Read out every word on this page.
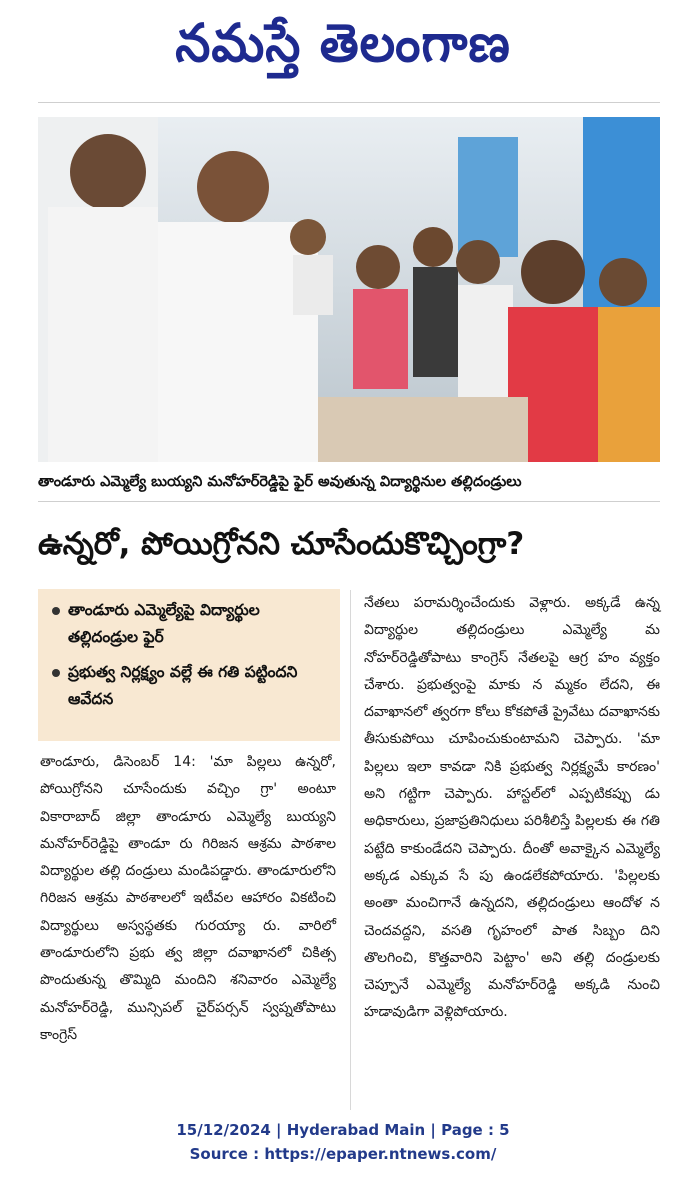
నమస్తే తెలంగాణ
తాండూరు ఎమ్మెల్యే బుయ్యని మనోహర్‌రెడ్డిపై ఫైర్ అవుతున్న విద్యార్థినుల తల్లిదండ్రులు
ఉన్నరో, పోయిగ్రోనని చూసేందుకొచ్చింగ్రా?
తాండూరు ఎమ్మెల్యేపై విద్యార్థుల తల్లిదండ్రుల ఫైర్
ప్రభుత్వ నిర్లక్ష్యం వల్లే ఈ గతి పట్టిందని ఆవేదన

తాండూరు, డిసెంబర్ 14: 'మా పిల్లలు ఉన్నరో, పోయిగ్రోనని చూసేందుకు వచ్చిం గ్రా' అంటూ వికారాబాద్ జిల్లా తాండూరు ఎమ్మెల్యే బుయ్యని మనోహర్‌రెడ్డిపై తాండూ రు గిరిజన ఆశ్రమ పాఠశాల విద్యార్థుల తల్లి దండ్రులు మండిపడ్డారు. తాండూరులోని గిరిజన ఆశ్రమ పాఠశాలలో ఇటీవల ఆహారం వికటించి విద్యార్థులు అస్వస్థతకు గురయ్యా రు. వారిలో తాండూరులోని ప్రభు త్వ జిల్లా దవాఖానలో చికిత్స పొందుతున్న తొమ్మిది మందిని శనివారం ఎమ్మెల్యే మనోహర్‌రెడ్డి, మున్సిపల్ చైర్‌పర్సన్ స్వప్నతోపాటు కాంగ్రెస్

నేతలు పరామర్శించేందుకు వెళ్లారు. అక్కడే ఉన్న విద్యార్థుల తల్లిదండ్రులు ఎమ్మెల్యే మ నోహర్‌రెడ్డితోపాటు కాంగ్రెస్ నేతలపై ఆగ్ర హం వ్యక్తం చేశారు. ప్రభుత్వంపై మాకు న మ్మకం లేదని, ఈ దవాఖానలో త్వరగా కోలు కోకపోతే ప్రైవేటు దవాఖానకు తీసుకుపోయి చూపించుకుంటామని చెప్పారు. 'మా పిల్లలు ఇలా కావడా నికి ప్రభుత్వ నిర్లక్ష్యమే కారణం' అని గట్టిగా చెప్పారు. హాస్టల్‌లో ఎప్పటికప్పు డు అధికారులు, ప్రజాప్రతినిధులు పరిశీలిస్తే పిల్లలకు ఈ గతి పట్టేది కాకుండేదని చెప్పారు. దీంతో అవాక్కైన ఎమ్మెల్యే అక్కడ ఎక్కువ సే పు ఉండలేకపోయారు. 'పిల్లలకు అంతా మంచిగానే ఉన్నదని, తల్లిదండ్రులు ఆందోళ న చెందవద్దని, వసతి గృహంలో పాత సిబ్బం దిని తొలగించి, కొత్తవారిని పెట్టాం' అని తల్లి దండ్రులకు చెప్పూనే ఎమ్మెల్యే మనోహర్‌రెడ్డి అక్కడి నుంచి హడావుడిగా వెళ్లిపోయారు.

15/12/2024 | Hyderabad Main | Page : 5
Source : https://epaper.ntnews.com/
